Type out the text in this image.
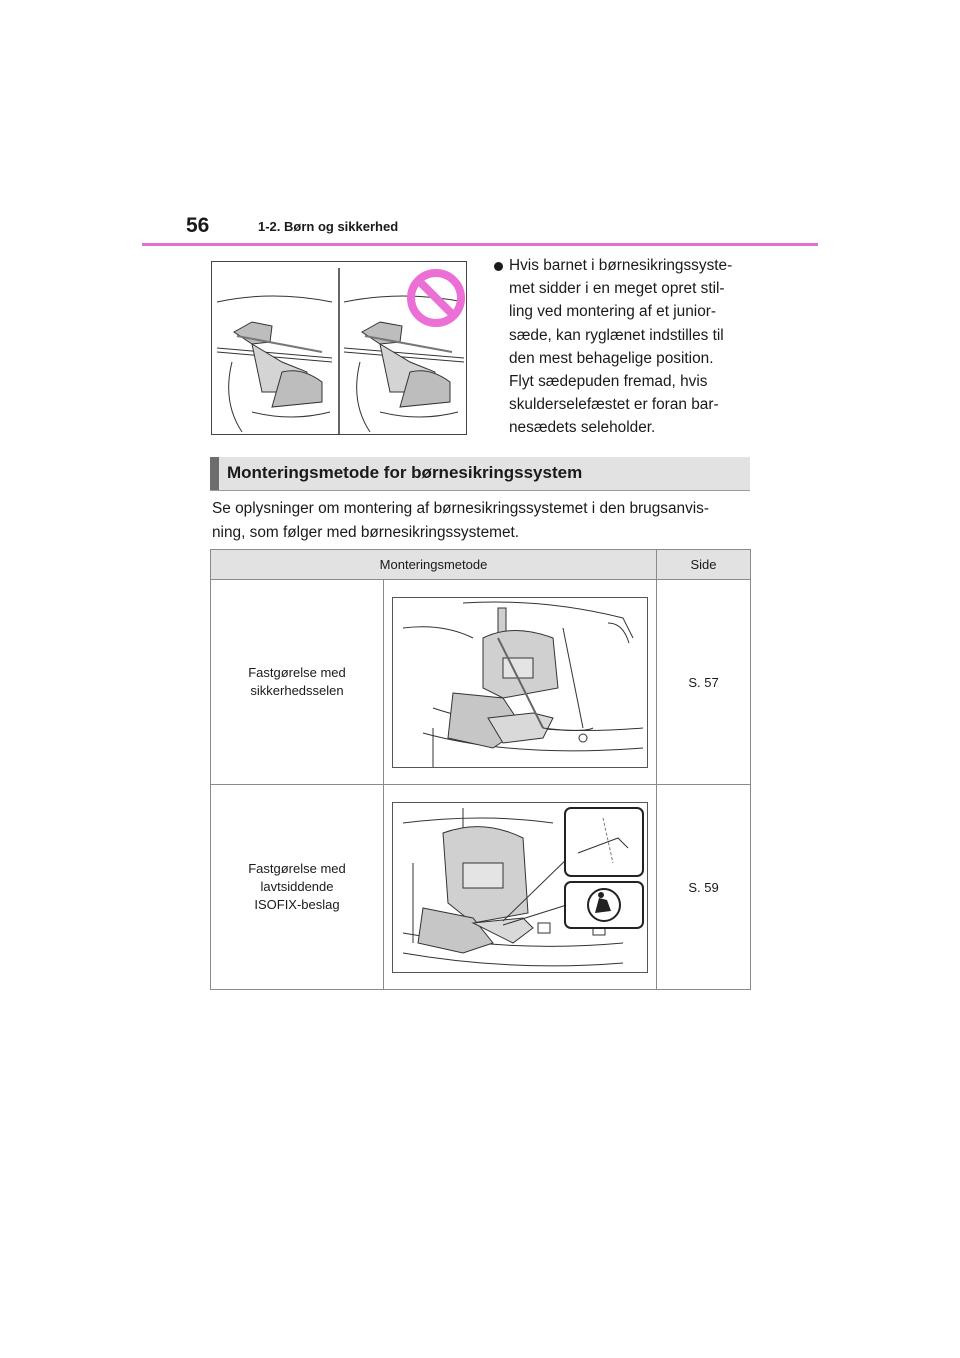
56	1-2. Børn og sikkerhed
Hvis barnet i børnesikringssyste-
met sidder i en meget opret stil-
ling ved montering af et junior-
sæde, kan ryglænet indstilles til
den mest behagelige position.
Flyt sædepuden fremad, hvis
skulderselefæstet er foran bar-
nesædets seleholder.
Monteringsmetode for børnesikringssystem
Se oplysninger om montering af børnesikringssystemet i den brugsanvis-
ning, som følger med børnesikringssystemet.
Monteringsmetode		Side

Fastgørelse med
sikkerhedsselen		S. 57

Fastgørelse med
lavtsiddende
ISOFIX-beslag		S. 59
